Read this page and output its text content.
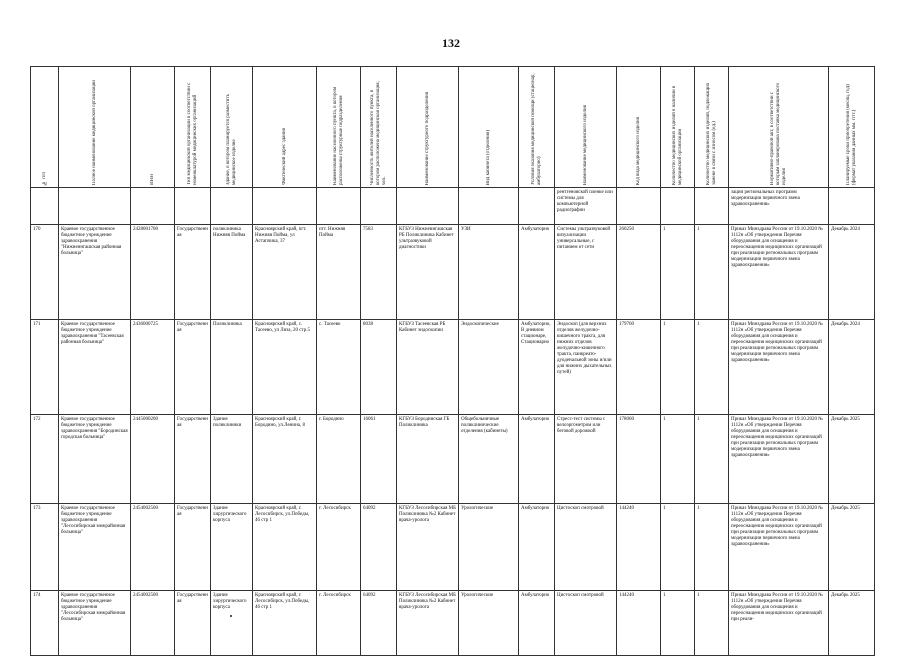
132
№ п/п	Полное наименование медицинской организации	ИНН	Тип медицинской организации в соответствии с номенклатурой медицинских организаций	Здание, в котором планируется разместить медицинское изделие	Фактический адрес здания	Наименование населенного пункта, в котором расположены структурные подразделения	Численность жителей населенного пункта, в котором расположена медицинская организация, чел.	Наименование структурного подразделения	Вид кабинета (отделения)	Условия оказания медицинской помощи (стационар, амбулаторно)	Наименование медицинского изделия	Код вида медицинского изделия	Количество медицинских изделий в наличии в медицинской организации	Количество медицинских изделий, подлежащих замене в связи с износом (ед.)	Нормативно-правовой акт, в соответствии с которым запланирована поставка медицинского изделия	Планируемые сроки приобретения (месяц, год) (формат указания данных мм. гггг.)

											рентгеновской пленке или системы для компьютерной радиографии				зации региональных программ модернизации первичного звена здравоохранения»	
170	Краевое государственное бюджетное учреждение здравоохранения "Нижнеингашская районная больница"	2428001700	Государственная	поликлиника Нижняя Пойма	Красноярский край, пгт. Нижняя Пойма, ул Астапчика, 37	пгт. Нижняя Пойма	7583	КГБУЗ Нижнеингашская РБ Поликлиника Кабинет ультразвуковой диагностики	УЗИ	Амбулаторно	Системы ультразвуковой визуализации универсальные, с питанием от сети	260250	1	1	Приказ Минздрава России от 19.10.2020 № 1112н «Об утверждении Перечня оборудования для оснащения и переоснащения медицинских организаций при реализации региональных программ модернизации первичного звена здравоохранения»	Декабрь 2024
171	Краевое государственное бюджетное учреждение здравоохранения "Тасеевская районная больница"	2436000725	Государственная	Поликлиника	Красноярский край, с. Тасеево, ул Лиза, 20 стр.5	с. Тасеево	8038	КГБУЗ Тасеевская РБ Кабинет эндоскопии	Эндоскопические	Амбулаторно, В дневном стационаре, Стационарно	Эндоскоп (для верхних отделов желудочно-кишечного тракта, для нижних отделов желудочно-кишечного тракта, панкреато-дуоденальной зоны и/или для нижних дыхательных путей)	179760	1	1	Приказ Минздрава России от 19.10.2020 № 1112н «Об утверждении Перечня оборудования для оснащения и переоснащения медицинских организаций при реализации региональных программ модернизации первичного звена здравоохранения»	Декабрь 2024
172	Краевое государственное бюджетное учреждение здравоохранения "Бородинская городская больница"	2445000200	Государственная	Здание поликлиники	Красноярский край, г. Бородино, ул.Ленина, 8	г. Бородино	16061	КГБУЗ Бородинская ГБ Поликлиника	Общебольничные поликлинические отделения (кабинеты)	Амбулаторно	Стресс-тест системы с велоэргометром или беговой дорожкой	178060	1	1	Приказ Минздрава России от 19.10.2020 № 1112н «Об утверждении Перечня оборудования для оснащения и переоснащения медицинских организаций при реализации региональных программ модернизации первичного звена здравоохранения»	Декабрь 2025
173	Краевое государственное бюджетное учреждение здравоохранения "Лесосибирская межрайонная больница"	2454002500	Государственная	Здание хирургического корпуса	Красноярский край, г. Лесосибирск, ул.Победы, 46 стр 1	г. Лесосибирск	64092	КГБУЗ Лесосибирская МБ Поликлиника №2 Кабинет врача-уролога	Урологические	Амбулаторно	Цистоскоп смотровой	144240	1	1	Приказ Минздрава России от 19.10.2020 № 1112н «Об утверждении Перечня оборудования для оснащения и переоснащения медицинских организаций при реализации региональных программ модернизации первичного звена здравоохранения»	Декабрь 2025
174	Краевое государственное бюджетное учреждение здравоохранения "Лесосибирская межрайонная больница"	2454002500	Государственная	Здание хирургического корпуса	Красноярский край, г. Лесосибирск, ул.Победы, 46 стр 1	г. Лесосибирск	64092	КГБУЗ Лесосибирская МБ Поликлиника №2 Кабинет врача-уролога	Урологические	Амбулаторно	Цистоскоп смотровой	144240	1	1	Приказ Минздрава России от 19.10.2020 № 1112н «Об утверждении Перечня оборудования для оснащения и переоснащения медицинских организаций при реали-	Декабрь 2025
